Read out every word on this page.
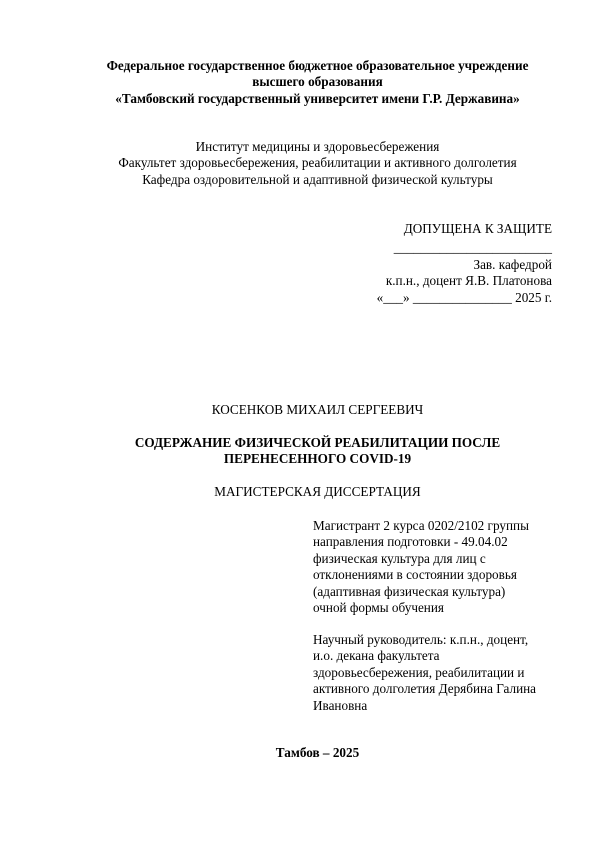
Федеральное государственное бюджетное образовательное учреждение
высшего образования
«Тамбовский государственный университет имени Г.Р. Державина»
Институт медицины и здоровьесбережения
Факультет здоровьесбережения, реабилитации и активного долголетия
Кафедра оздоровительной и адаптивной физической культуры
ДОПУЩЕНА К ЗАЩИТЕ
________________________
Зав. кафедрой
к.п.н., доцент Я.В. Платонова
«___» _______________ 2025 г.
КОСЕНКОВ МИХАИЛ СЕРГЕЕВИЧ
СОДЕРЖАНИЕ ФИЗИЧЕСКОЙ РЕАБИЛИТАЦИИ ПОСЛЕ
ПЕРЕНЕСЕННОГО COVID-19
МАГИСТЕРСКАЯ ДИССЕРТАЦИЯ
Магистрант 2 курса 0202/2102 группы
направления подготовки - 49.04.02
физическая культура для лиц с
отклонениями в состоянии здоровья
(адаптивная физическая культура)
очной формы обучения
Научный руководитель: к.п.н., доцент,
и.о. декана факультета
здоровьесбережения, реабилитации и
активного долголетия Дерябина Галина
Ивановна
Тамбов – 2025
